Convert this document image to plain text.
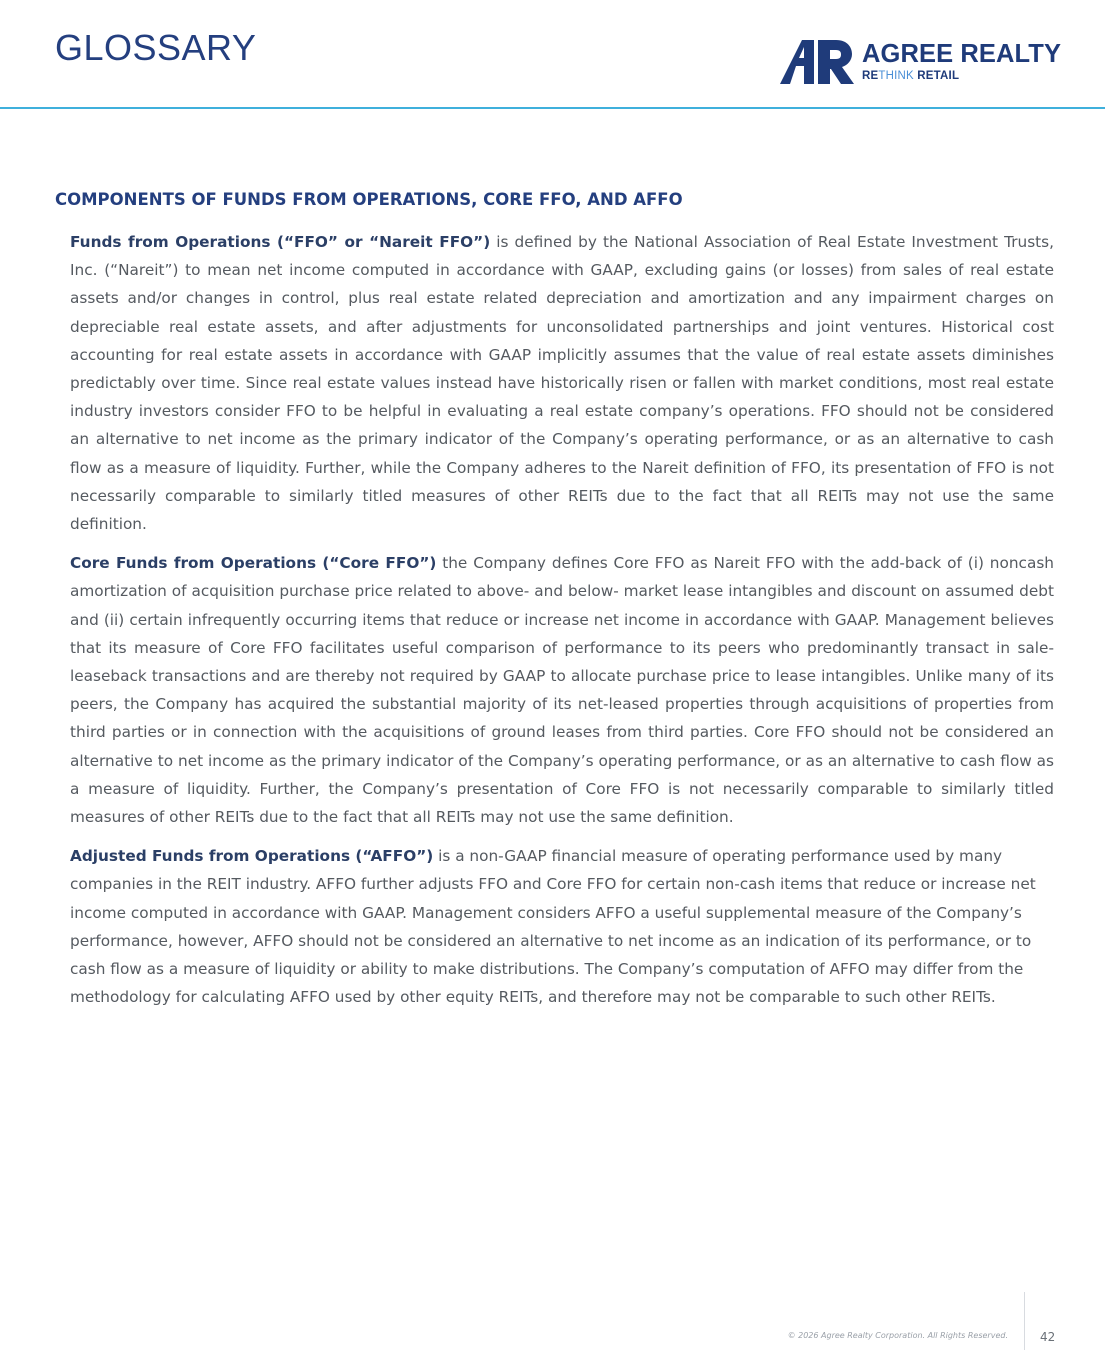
GLOSSARY	AGREE REALTY
RETHINK RETAIL
COMPONENTS OF FUNDS FROM OPERATIONS, CORE FFO, AND AFFO

Funds from Operations (“FFO” or “Nareit FFO”) is defined by the National Association of Real Estate Investment Trusts, Inc. (“Nareit”) to mean net income computed in accordance with GAAP, excluding gains (or losses) from sales of real estate assets and/or changes in control, plus real estate related depreciation and amortization and any impairment charges on depreciable real estate assets, and after adjustments for unconsolidated partnerships and joint ventures. Historical cost accounting for real estate assets in accordance with GAAP implicitly assumes that the value of real estate assets diminishes predictably over time. Since real estate values instead have historically risen or fallen with market conditions, most real estate industry investors consider FFO to be helpful in evaluating a real estate company’s operations. FFO should not be considered an alternative to net income as the primary indicator of the Company’s operating performance, or as an alternative to cash flow as a measure of liquidity. Further, while the Company adheres to the Nareit definition of FFO, its presentation of FFO is not necessarily comparable to similarly titled measures of other REITs due to the fact that all REITs may not use the same definition.

Core Funds from Operations (“Core FFO”) the Company defines Core FFO as Nareit FFO with the add-back of (i) noncash amortization of acquisition purchase price related to above- and below- market lease intangibles and discount on assumed debt and (ii) certain infrequently occurring items that reduce or increase net income in accordance with GAAP. Management believes that its measure of Core FFO facilitates useful comparison of performance to its peers who predominantly transact in sale-leaseback transactions and are thereby not required by GAAP to allocate purchase price to lease intangibles. Unlike many of its peers, the Company has acquired the substantial majority of its net-leased properties through acquisitions of properties from third parties or in connection with the acquisitions of ground leases from third parties. Core FFO should not be considered an alternative to net income as the primary indicator of the Company’s operating performance, or as an alternative to cash flow as a measure of liquidity. Further, the Company’s presentation of Core FFO is not necessarily comparable to similarly titled measures of other REITs due to the fact that all REITs may not use the same definition.

Adjusted Funds from Operations (“AFFO”) is a non-GAAP financial measure of operating performance used by many companies in the REIT industry. AFFO further adjusts FFO and Core FFO for certain non-cash items that reduce or increase net income computed in accordance with GAAP. Management considers AFFO a useful supplemental measure of the Company’s performance, however, AFFO should not be considered an alternative to net income as an indication of its performance, or to cash flow as a measure of liquidity or ability to make distributions. The Company’s computation of AFFO may differ from the methodology for calculating AFFO used by other equity REITs, and therefore may not be comparable to such other REITs.

© 2026 Agree Realty Corporation. All Rights Reserved.	42
